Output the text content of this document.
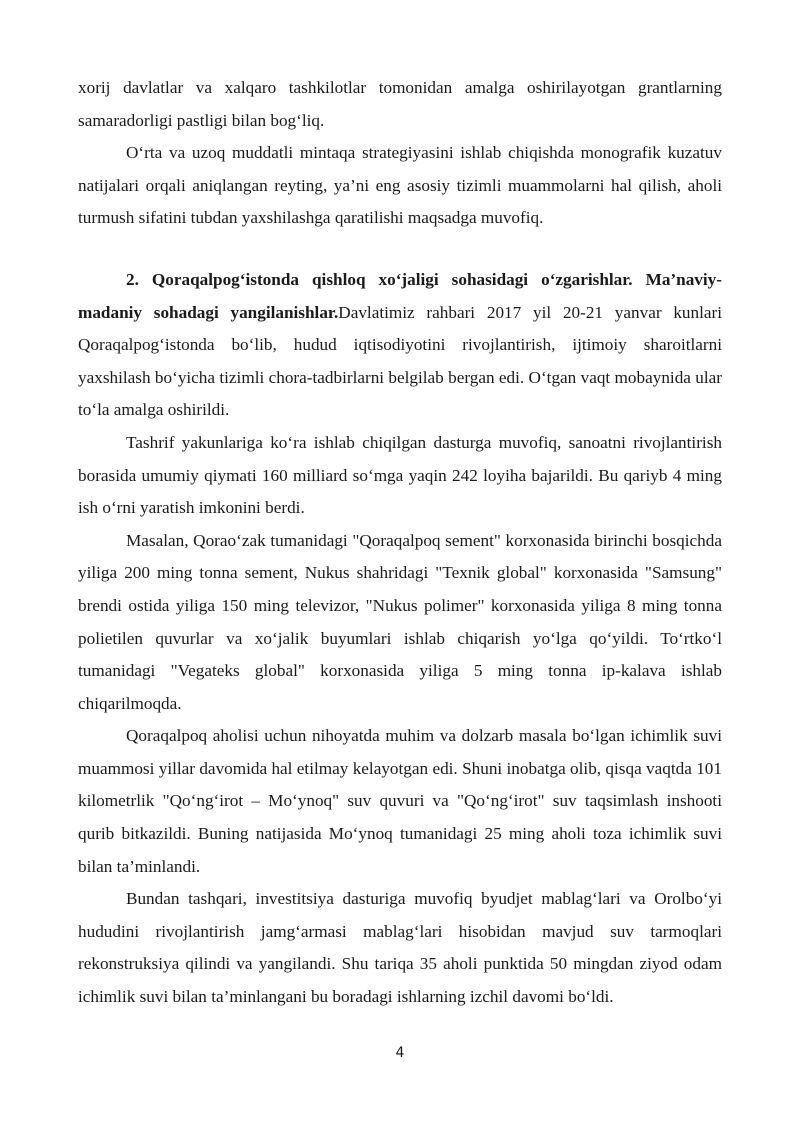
xorij davlatlar va xalqaro tashkilotlar tomonidan amalga oshirilayotgan grantlarning samaradorligi pastligi bilan bog‘liq.

O‘rta va uzoq muddatli mintaqa strategiyasini ishlab chiqishda monografik kuzatuv natijalari orqali aniqlangan reyting, ya’ni eng asosiy tizimli muammolarni hal qilish, aholi turmush sifatini tubdan yaxshilashga qaratilishi maqsadga muvofiq.

2. Qoraqalpog‘istonda qishloq xo‘jaligi sohasidagi o‘zgarishlar. Ma’naviy-madaniy sohadagi yangilanishlar.Davlatimiz rahbari 2017 yil 20-21 yanvar kunlari Qoraqalpog‘istonda bo‘lib, hudud iqtisodiyotini rivojlantirish, ijtimoiy sharoitlarni yaxshilash bo‘yicha tizimli chora-tadbirlarni belgilab bergan edi. O‘tgan vaqt mobaynida ular to‘la amalga oshirildi.

Tashrif yakunlariga ko‘ra ishlab chiqilgan dasturga muvofiq, sanoatni rivojlantirish borasida umumiy qiymati 160 milliard so‘mga yaqin 242 loyiha bajarildi. Bu qariyb 4 ming ish o‘rni yaratish imkonini berdi.

Masalan, Qorao‘zak tumanidagi "Qoraqalpoq sement" korxonasida birinchi bosqichda yiliga 200 ming tonna sement, Nukus shahridagi "Texnik global" korxonasida "Samsung" brendi ostida yiliga 150 ming televizor, "Nukus polimer" korxonasida yiliga 8 ming tonna polietilen quvurlar va xo‘jalik buyumlari ishlab chiqarish yo‘lga qo‘yildi. To‘rtko‘l tumanidagi "Vegateks global" korxonasida yiliga 5 ming tonna ip-kalava ishlab chiqarilmoqda.

Qoraqalpoq aholisi uchun nihoyatda muhim va dolzarb masala bo‘lgan ichimlik suvi muammosi yillar davomida hal etilmay kelayotgan edi. Shuni inobatga olib, qisqa vaqtda 101 kilometrlik "Qo‘ng‘irot – Mo‘ynoq" suv quvuri va "Qo‘ng‘irot" suv taqsimlash inshooti qurib bitkazildi. Buning natijasida Mo‘ynoq tumanidagi 25 ming aholi toza ichimlik suvi bilan ta’minlandi.

Bundan tashqari, investitsiya dasturiga muvofiq byudjet mablag‘lari va Orolbo‘yi hududini rivojlantirish jamg‘armasi mablag‘lari hisobidan mavjud suv tarmoqlari rekonstruksiya qilindi va yangilandi. Shu tariqa 35 aholi punktida 50 mingdan ziyod odam ichimlik suvi bilan ta’minlangani bu boradagi ishlarning izchil davomi bo‘ldi.

4
